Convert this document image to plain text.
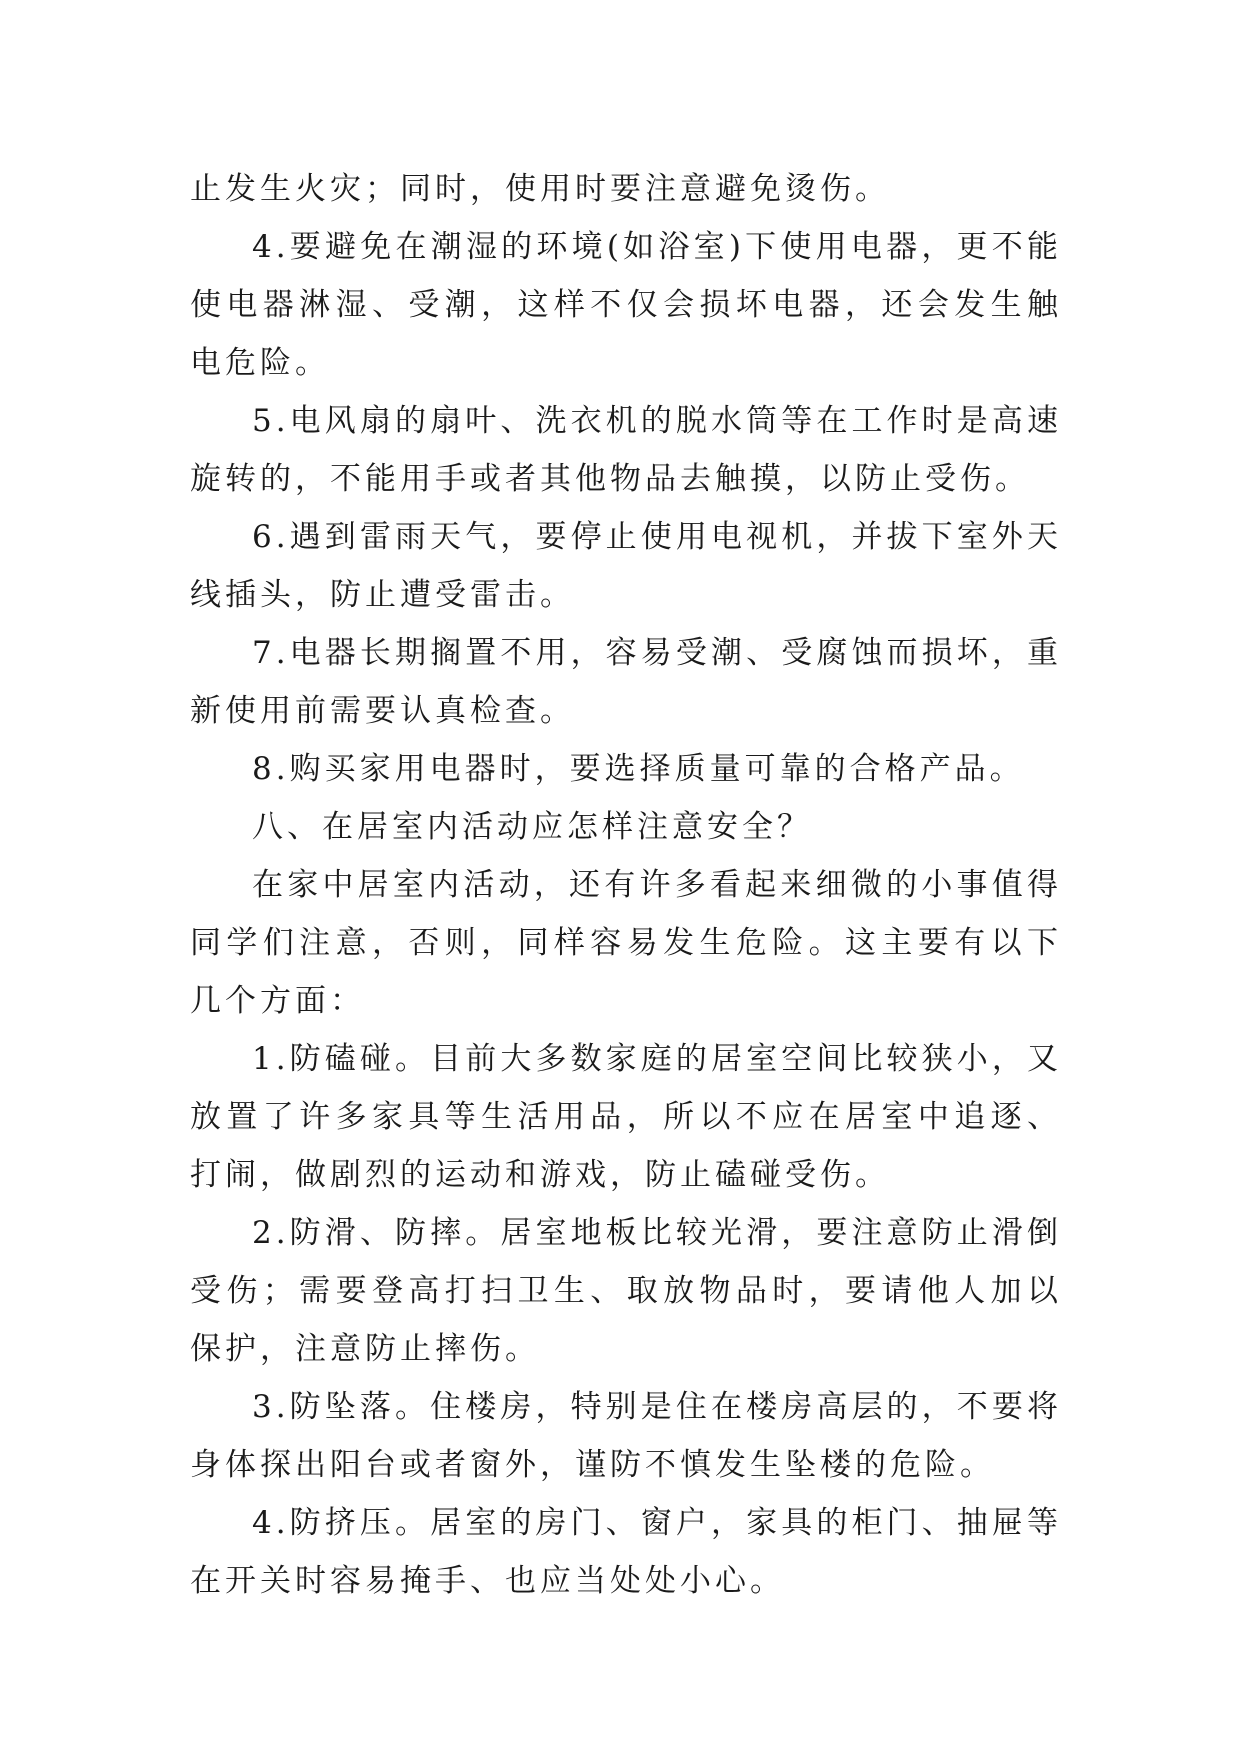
止发生火灾；同时，使用时要注意避免烫伤。

4.要避免在潮湿的环境(如浴室)下使用电器，更不能使电器淋湿、受潮，这样不仅会损坏电器，还会发生触电危险。

5.电风扇的扇叶、洗衣机的脱水筒等在工作时是高速旋转的，不能用手或者其他物品去触摸，以防止受伤。

6.遇到雷雨天气，要停止使用电视机，并拔下室外天线插头，防止遭受雷击。

7.电器长期搁置不用，容易受潮、受腐蚀而损坏，重新使用前需要认真检查。

8.购买家用电器时，要选择质量可靠的合格产品。

八、在居室内活动应怎样注意安全？

在家中居室内活动，还有许多看起来细微的小事值得同学们注意，否则，同样容易发生危险。这主要有以下几个方面：

1.防磕碰。目前大多数家庭的居室空间比较狭小，又放置了许多家具等生活用品，所以不应在居室中追逐、打闹，做剧烈的运动和游戏，防止磕碰受伤。

2.防滑、防摔。居室地板比较光滑，要注意防止滑倒受伤；需要登高打扫卫生、取放物品时，要请他人加以保护，注意防止摔伤。

3.防坠落。住楼房，特别是住在楼房高层的，不要将身体探出阳台或者窗外，谨防不慎发生坠楼的危险。

4.防挤压。居室的房门、窗户，家具的柜门、抽屉等在开关时容易掩手、也应当处处小心。
